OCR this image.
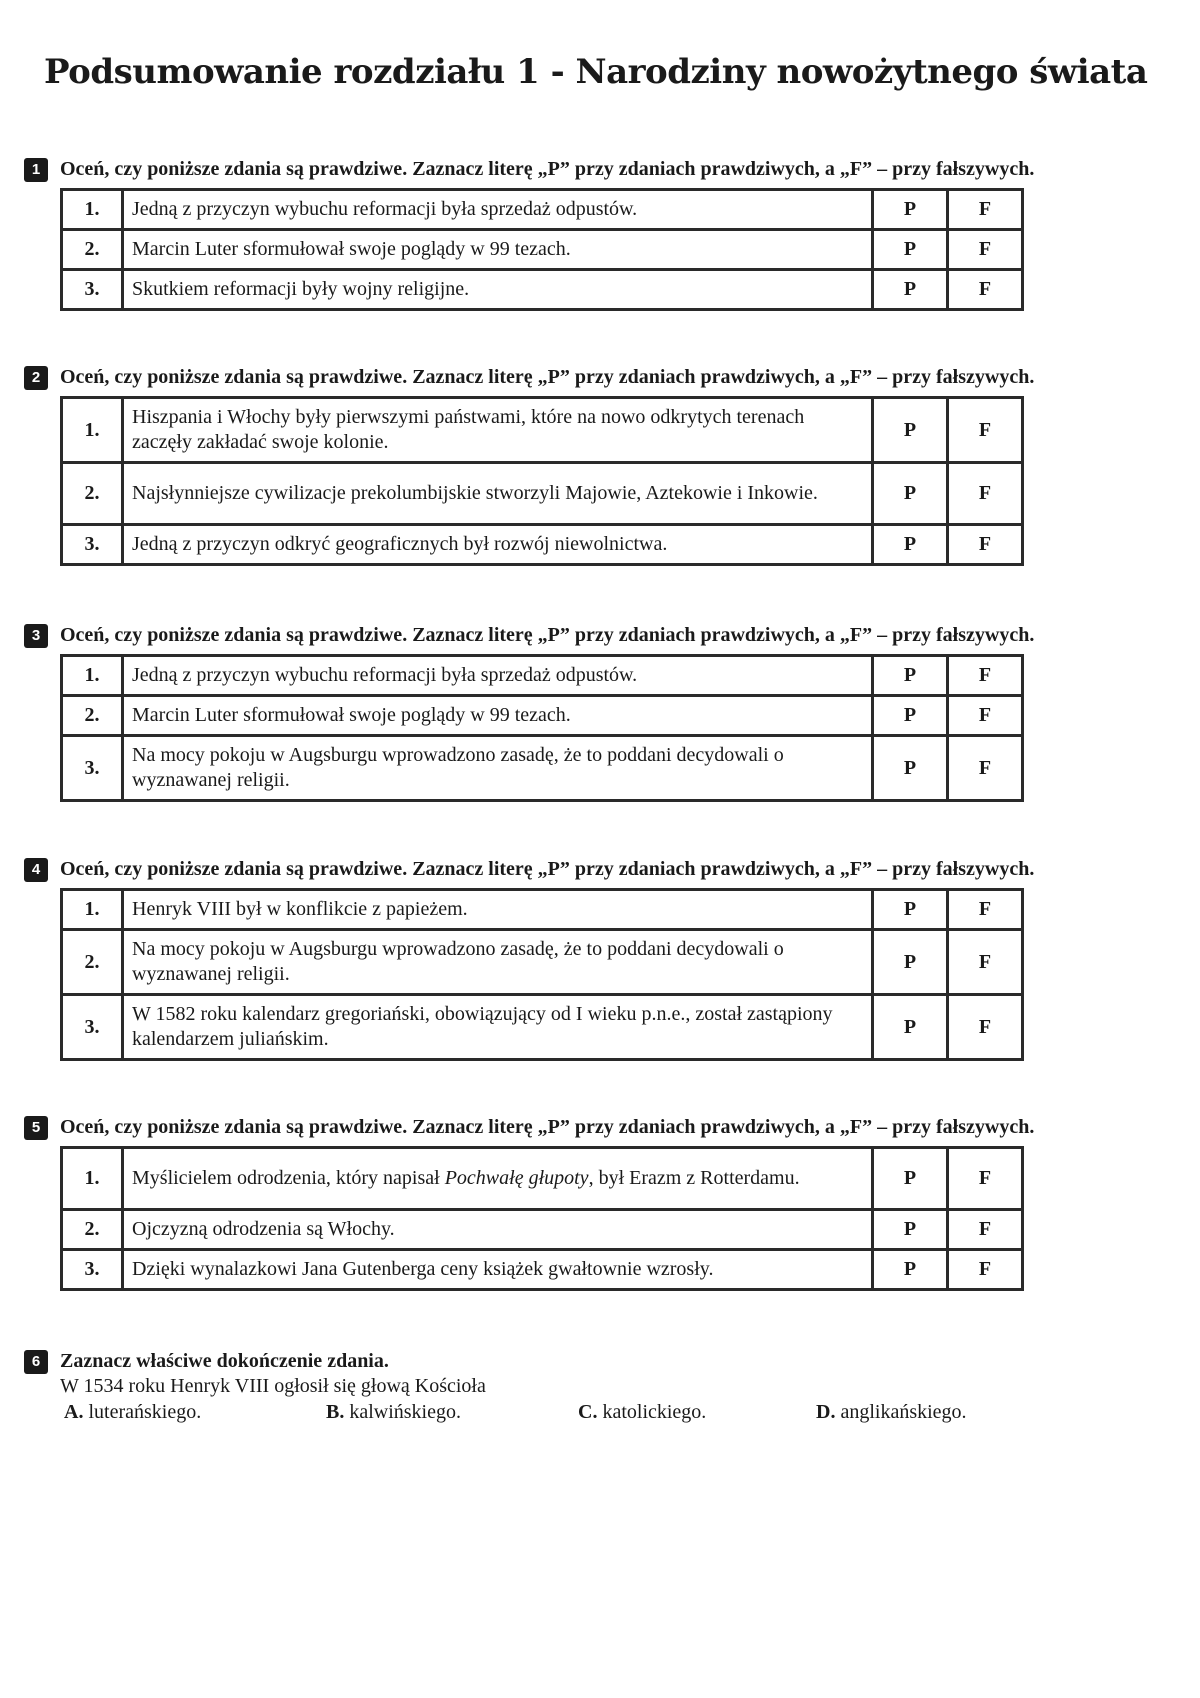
Podsumowanie rozdziału 1 - Narodziny nowożytnego świata
1 Oceń, czy poniższe zdania są prawdziwe. Zaznacz literę „P” przy zdaniach prawdziwych, a „F” – przy fałszywych.
1.	Jedną z przyczyn wybuchu reformacji była sprzedaż odpustów.	P	F
2.	Marcin Luter sformułował swoje poglądy w 99 tezach.	P	F
3.	Skutkiem reformacji były wojny religijne.	P	F
2 Oceń, czy poniższe zdania są prawdziwe. Zaznacz literę „P” przy zdaniach prawdziwych, a „F” – przy fałszywych.
1.	Hiszpania i Włochy były pierwszymi państwami, które na nowo odkrytych terenach zaczęły zakładać swoje kolonie.	P	F
2.	Najsłynniejsze cywilizacje prekolumbijskie stworzyli Majowie, Aztekowie i Inkowie.	P	F
3.	Jedną z przyczyn odkryć geograficznych był rozwój niewolnictwa.	P	F
3 Oceń, czy poniższe zdania są prawdziwe. Zaznacz literę „P” przy zdaniach prawdziwych, a „F” – przy fałszywych.
1.	Jedną z przyczyn wybuchu reformacji była sprzedaż odpustów.	P	F
2.	Marcin Luter sformułował swoje poglądy w 99 tezach.	P	F
3.	Na mocy pokoju w Augsburgu wprowadzono zasadę, że to poddani decydowali o wyznawanej religii.	P	F
4 Oceń, czy poniższe zdania są prawdziwe. Zaznacz literę „P” przy zdaniach prawdziwych, a „F” – przy fałszywych.
1.	Henryk VIII był w konflikcie z papieżem.	P	F
2.	Na mocy pokoju w Augsburgu wprowadzono zasadę, że to poddani decydowali o wyznawanej religii.	P	F
3.	W 1582 roku kalendarz gregoriański, obowiązujący od I wieku p.n.e., został zastąpiony kalendarzem juliańskim.	P	F
5 Oceń, czy poniższe zdania są prawdziwe. Zaznacz literę „P” przy zdaniach prawdziwych, a „F” – przy fałszywych.
1.	Myślicielem odrodzenia, który napisał Pochwałę głupoty, był Erazm z Rotterdamu.	P	F
2.	Ojczyzną odrodzenia są Włochy.	P	F
3.	Dzięki wynalazkowi Jana Gutenberga ceny książek gwałtownie wzrosły.	P	F
6 Zaznacz właściwe dokończenie zdania.
W 1534 roku Henryk VIII ogłosił się głową Kościoła
A. luterańskiego.	B. kalwińskiego.	C. katolickiego.	D. anglikańskiego.
